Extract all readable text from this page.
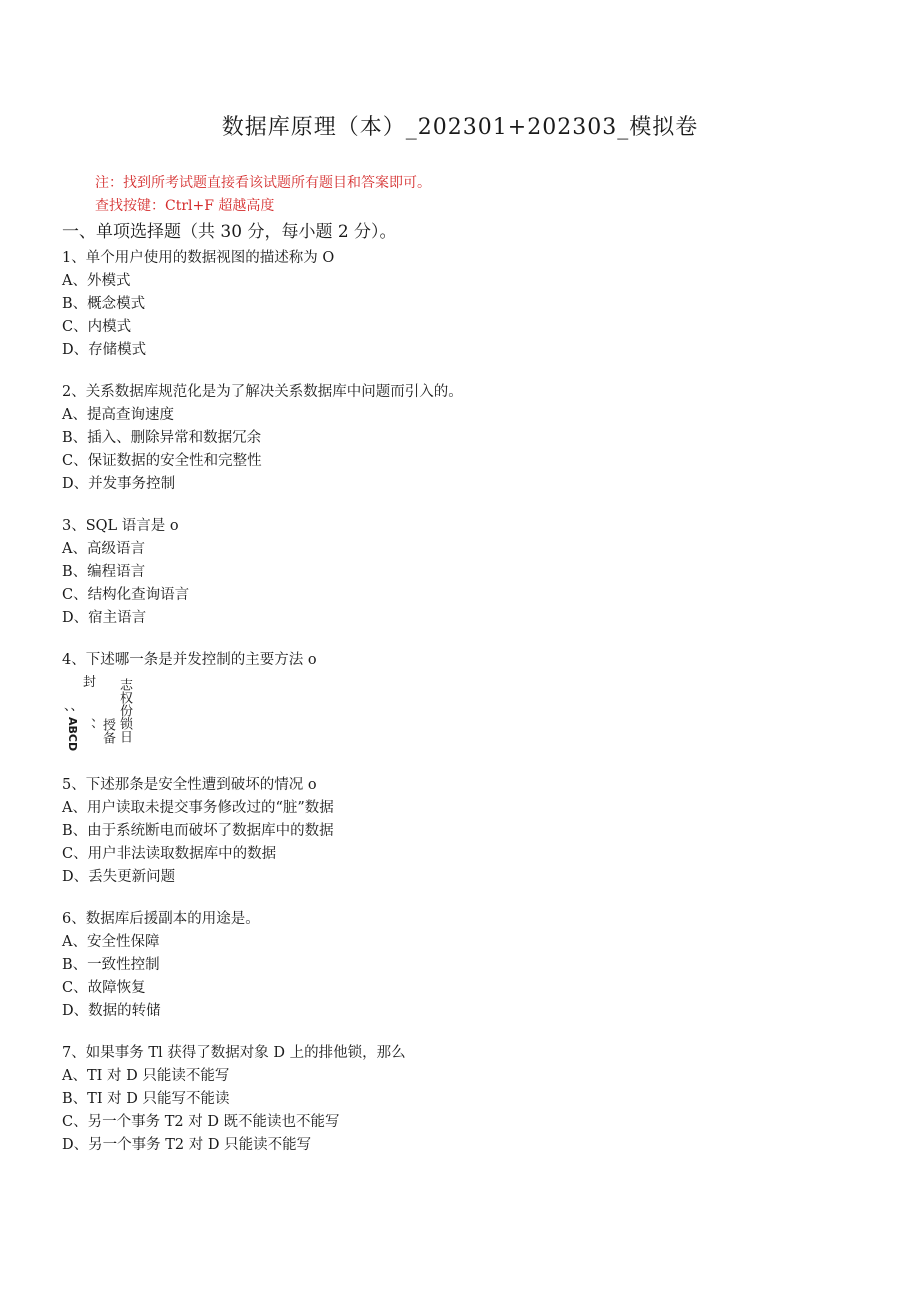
数据库原理（本）_202301+202303_模拟卷
注：找到所考试题直接看该试题所有题目和答案即可。
查找按键：Ctrl+F 超越高度
一、单项选择题（共 30 分，每小题 2 分）。
1、单个用户使用的数据视图的描述称为 O
A、外模式
B、概念模式
C、内模式
D、存储模式
2、关系数据库规范化是为了解决关系数据库中问题而引入的。
A、提高查询速度
B、插入、删除异常和数据冗余
C、保证数据的安全性和完整性
D、并发事务控制
3、SQL 语言是 o
A、高级语言
B、编程语言
C、结构化查询语言
D、宿主语言
4、下述哪一条是并发控制的主要方法 o
封 志权份锁日
、、
ABCD 、、 授备
5、下述那条是安全性遭到破坏的情况 o
A、用户读取未提交事务修改过的“脏”数据
B、由于系统断电而破坏了数据库中的数据
C、用户非法读取数据库中的数据
D、丢失更新问题
6、数据库后援副本的用途是。
A、安全性保障
B、一致性控制
C、故障恢复
D、数据的转储
7、如果事务 Tl 获得了数据对象 D 上的排他锁，那么
A、TI 对 D 只能读不能写
B、TI 对 D 只能写不能读
C、另一个事务 T2 对 D 既不能读也不能写
D、另一个事务 T2 对 D 只能读不能写
